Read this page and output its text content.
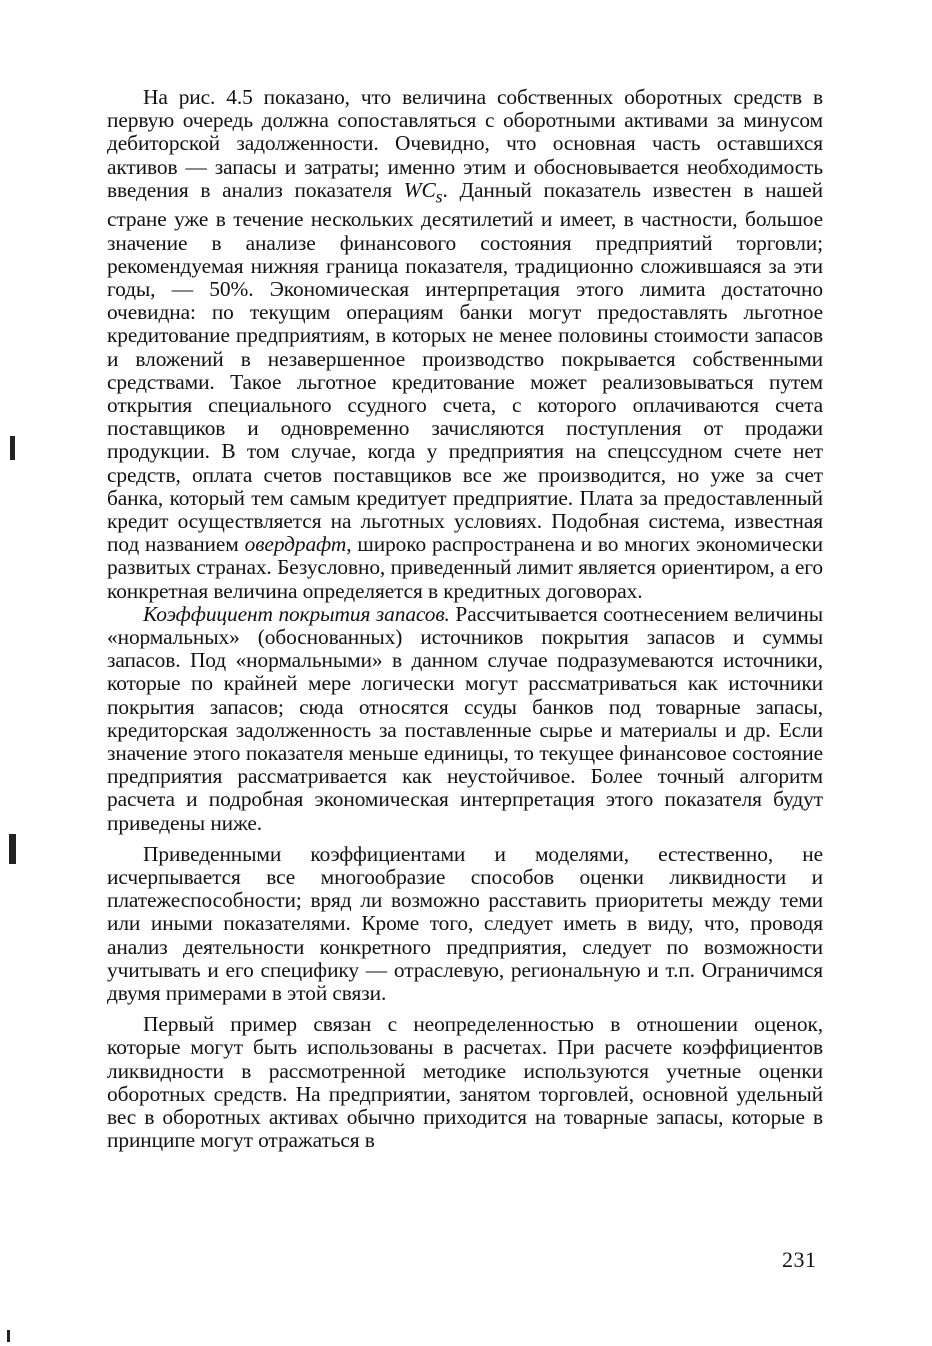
На рис. 4.5 показано, что величина собственных оборотных средств в первую очередь должна сопоставляться с оборотными активами за минусом дебиторской задолженности. Очевидно, что основная часть оставшихся активов — запасы и затраты; именно этим и обосновывается необходимость введения в анализ показателя $WC_s$. Данный показатель известен в нашей стране уже в течение нескольких десятилетий и имеет, в частности, большое значение в анализе финансового состояния предприятий торговли; рекомендуемая нижняя граница показателя, традиционно сложившаяся за эти годы, — 50%. Экономическая интерпретация этого лимита достаточно очевидна: по текущим операциям банки могут предоставлять льготное кредитование предприятиям, в которых не менее половины стоимости запасов и вложений в незавершенное производство покрывается собственными средствами. Такое льготное кредитование может реализовываться путем открытия специального ссудного счета, с которого оплачиваются счета поставщиков и одновременно зачисляются поступления от продажи продукции. В том случае, когда у предприятия на спецссудном счете нет средств, оплата счетов поставщиков все же производится, но уже за счет банка, который тем самым кредитует предприятие. Плата за предоставленный кредит осуществляется на льготных условиях. Подобная система, известная под названием овердрафт, широко распространена и во многих экономически развитых странах. Безусловно, приведенный лимит является ориентиром, а его конкретная величина определяется в кредитных договорах.

Коэффициент покрытия запасов. Рассчитывается соотнесением величины «нормальных» (обоснованных) источников покрытия запасов и суммы запасов. Под «нормальными» в данном случае подразумеваются источники, которые по крайней мере логически могут рассматриваться как источники покрытия запасов; сюда относятся ссуды банков под товарные запасы, кредиторская задолженность за поставленные сырье и материалы и др. Если значение этого показателя меньше единицы, то текущее финансовое состояние предприятия рассматривается как неустойчивое. Более точный алгоритм расчета и подробная экономическая интерпретация этого показателя будут приведены ниже.

Приведенными коэффициентами и моделями, естественно, не исчерпывается все многообразие способов оценки ликвидности и платежеспособности; вряд ли возможно расставить приоритеты между теми или иными показателями. Кроме того, следует иметь в виду, что, проводя анализ деятельности конкретного предприятия, следует по возможности учитывать и его специфику — отраслевую, региональную и т.п. Ограничимся двумя примерами в этой связи.

Первый пример связан с неопределенностью в отношении оценок, которые могут быть использованы в расчетах. При расчете коэффициентов ликвидности в рассмотренной методике используются учетные оценки оборотных средств. На предприятии, занятом торговлей, основной удельный вес в оборотных активах обычно приходится на товарные запасы, которые в принципе могут отражаться в

231
